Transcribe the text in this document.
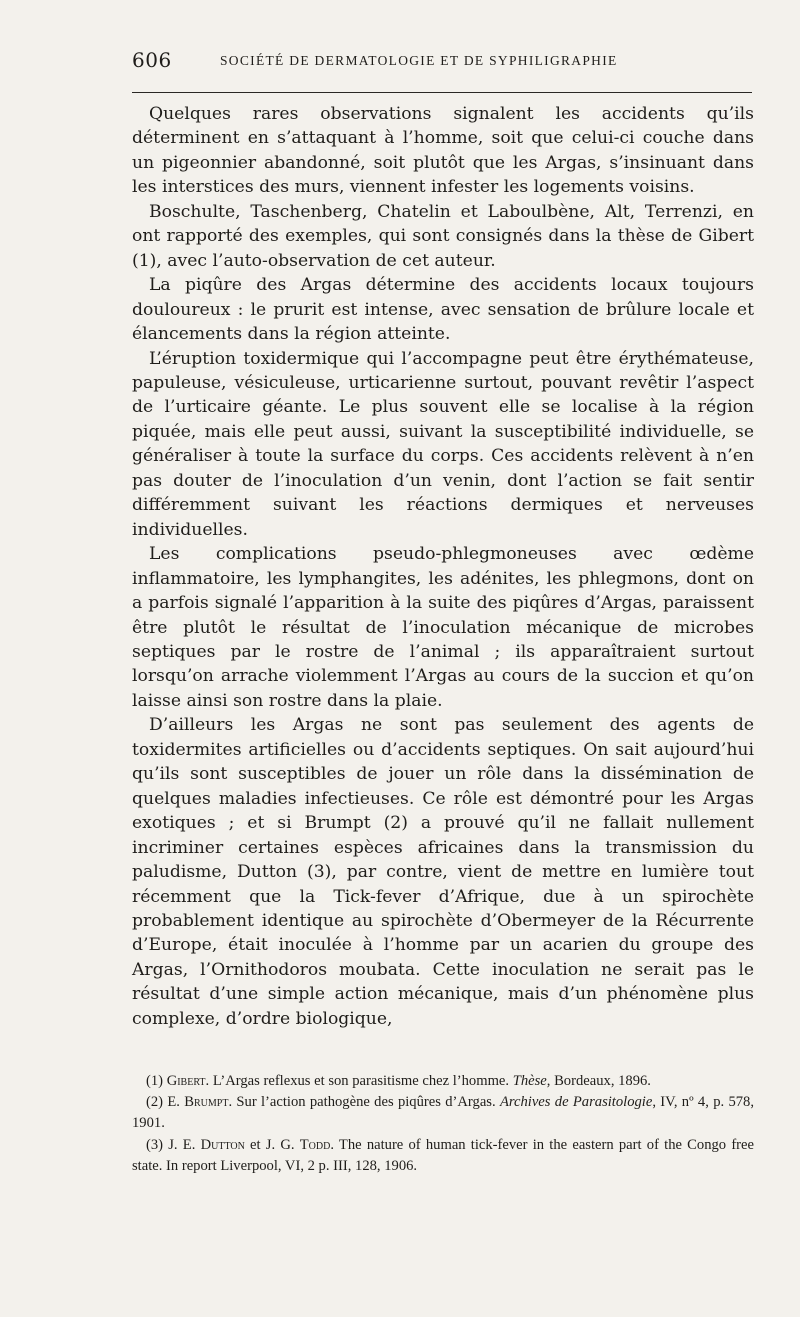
606	SOCIÉTÉ DE DERMATOLOGIE ET DE SYPHILIGRAPHIE

Quelques rares observations signalent les accidents qu’ils déterminent en s’attaquant à l’homme, soit que celui-ci couche dans un pigeonnier abandonné, soit plutôt que les Argas, s’insinuant dans les interstices des murs, viennent infester les logements voisins.

Boschulte, Taschenberg, Chatelin et Laboulbène, Alt, Terrenzi, en ont rapporté des exemples, qui sont consignés dans la thèse de Gibert (1), avec l’auto-observation de cet auteur.

La piqûre des Argas détermine des accidents locaux toujours douloureux : le prurit est intense, avec sensation de brûlure locale et élancements dans la région atteinte.

L’éruption toxidermique qui l’accompagne peut être érythémateuse, papuleuse, vésiculeuse, urticarienne surtout, pouvant revêtir l’aspect de l’urticaire géante. Le plus souvent elle se localise à la région piquée, mais elle peut aussi, suivant la susceptibilité individuelle, se généraliser à toute la surface du corps. Ces accidents relèvent à n’en pas douter de l’inoculation d’un venin, dont l’action se fait sentir différemment suivant les réactions dermiques et nerveuses individuelles.

Les complications pseudo-phlegmoneuses avec œdème inflammatoire, les lymphangites, les adénites, les phlegmons, dont on a parfois signalé l’apparition à la suite des piqûres d’Argas, paraissent être plutôt le résultat de l’inoculation mécanique de microbes septiques par le rostre de l’animal ; ils apparaîtraient surtout lorsqu’on arrache violemment l’Argas au cours de la succion et qu’on laisse ainsi son rostre dans la plaie.

D’ailleurs les Argas ne sont pas seulement des agents de toxidermites artificielles ou d’accidents septiques. On sait aujourd’hui qu’ils sont susceptibles de jouer un rôle dans la dissémination de quelques maladies infectieuses. Ce rôle est démontré pour les Argas exotiques ; et si Brumpt (2) a prouvé qu’il ne fallait nullement incriminer certaines espèces africaines dans la transmission du paludisme, Dutton (3), par contre, vient de mettre en lumière tout récemment que la Tick-fever d’Afrique, due à un spirochète probablement identique au spirochète d’Obermeyer de la Récurrente d’Europe, était inoculée à l’homme par un acarien du groupe des Argas, l’Ornithodoros moubata. Cette inoculation ne serait pas le résultat d’une simple action mécanique, mais d’un phénomène plus complexe, d’ordre biologique,

(1) Gibert. L’Argas reflexus et son parasitisme chez l’homme. Thèse, Bordeaux, 1896.

(2) E. Brumpt. Sur l’action pathogène des piqûres d’Argas. Archives de Parasitologie, IV, nº 4, p. 578, 1901.

(3) J. E. Dutton et J. G. Todd. The nature of human tick-fever in the eastern part of the Congo free state. In report Liverpool, VI, 2 p. III, 128, 1906.
